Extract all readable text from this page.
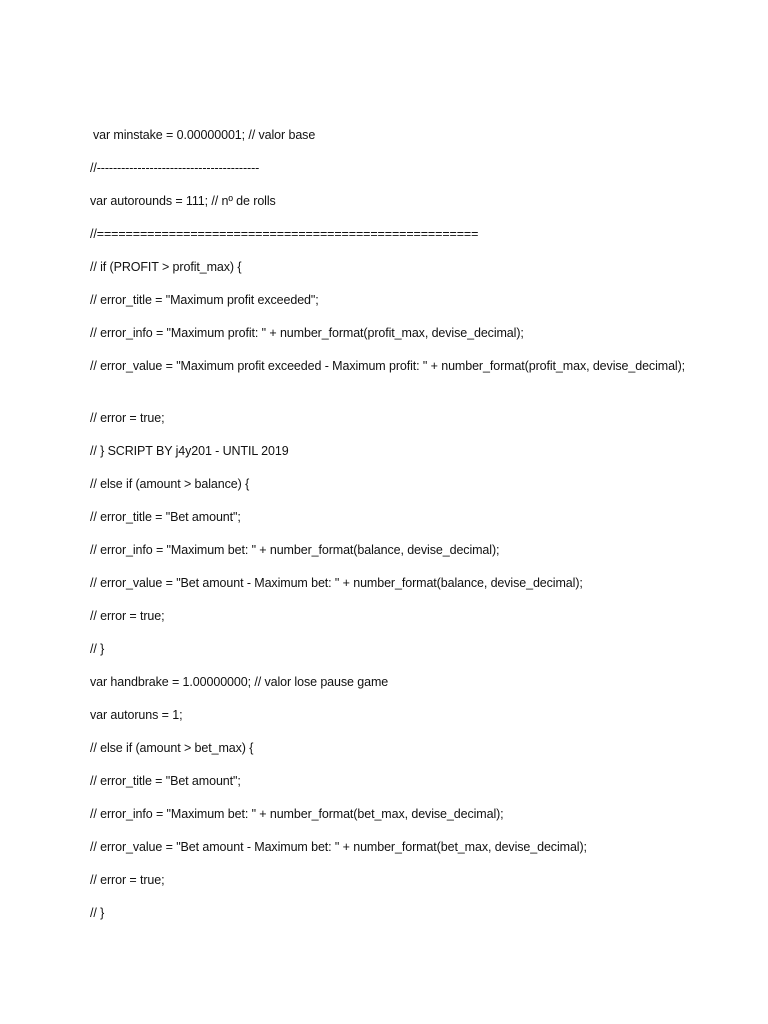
var minstake = 0.00000001; // valor base
//----------------------------------------
var autorounds = 111; // nº de rolls
//=====================================================
// if (PROFIT > profit_max) {
// error_title = "Maximum profit exceeded";
// error_info = "Maximum profit: " + number_format(profit_max, devise_decimal);
// error_value = "Maximum profit exceeded - Maximum profit: " + number_format(profit_max, devise_decimal);
// error = true;
// } SCRIPT BY j4y201 - UNTIL 2019
// else if (amount > balance) {
// error_title = "Bet amount";
// error_info = "Maximum bet: " + number_format(balance, devise_decimal);
// error_value = "Bet amount - Maximum bet: " + number_format(balance, devise_decimal);
// error = true;
// }
var handbrake = 1.00000000; // valor lose pause game
var autoruns = 1;
// else if (amount > bet_max) {
// error_title = "Bet amount";
// error_info = "Maximum bet: " + number_format(bet_max, devise_decimal);
// error_value = "Bet amount - Maximum bet: " + number_format(bet_max, devise_decimal);
// error = true;
// }
